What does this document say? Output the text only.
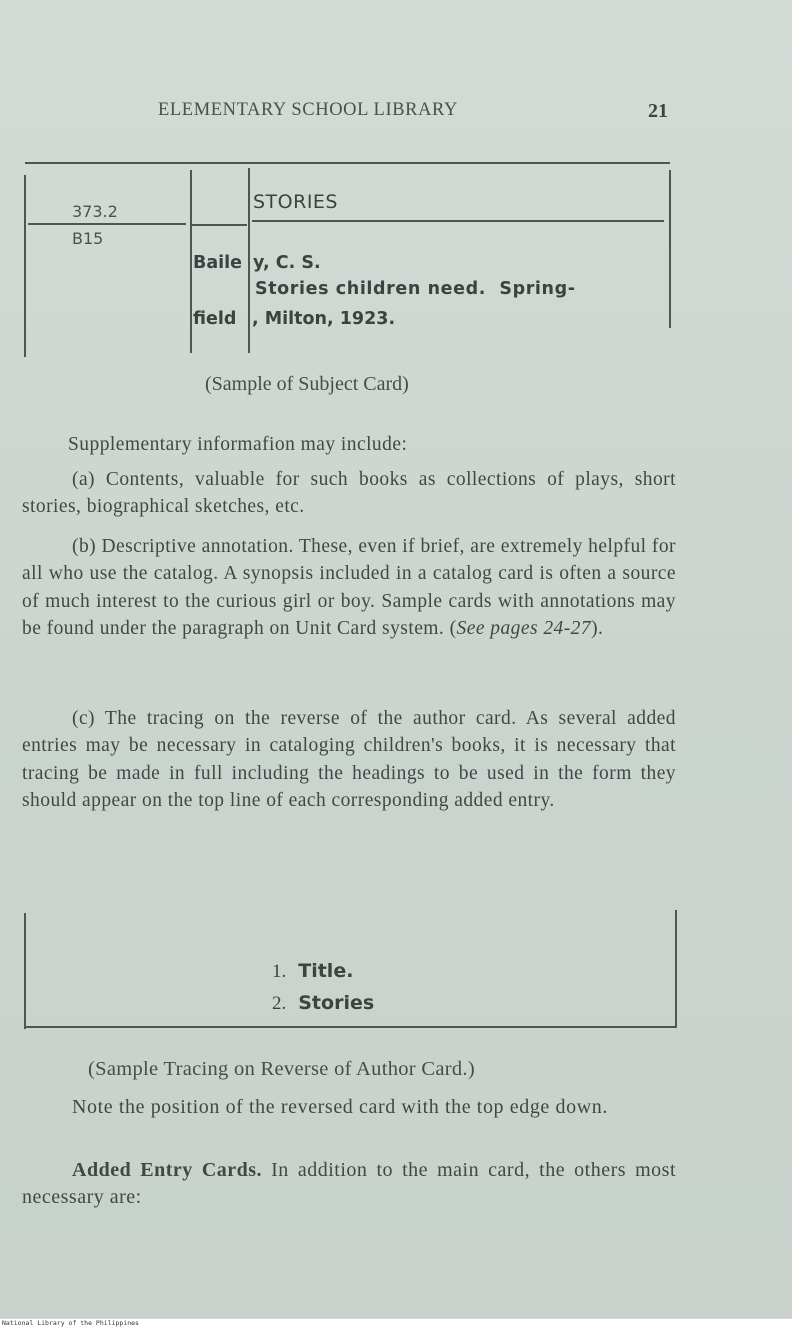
ELEMENTARY SCHOOL LIBRARY	21
373.2
B15
STORIES
Baile y, C. S.
Stories children need.  Spring-
field , Milton, 1923.
(Sample of Subject Card)
Supplementary informafion may include:
(a) Contents, valuable for such books as collections of plays, short stories, biographical sketches, etc.
(b) Descriptive annotation. These, even if brief, are extremely helpful for all who use the catalog. A synopsis included in a catalog card is often a source of much interest to the curious girl or boy. Sample cards with annotations may be found under the paragraph on Unit Card system. (See pages 24-27).
(c) The tracing on the reverse of the author card. As several added entries may be necessary in cataloging children's books, it is necessary that tracing be made in full including the headings to be used in the form they should appear on the top line of each corresponding added entry.
1. Title.
2. Stories
(Sample Tracing on Reverse of Author Card.)
Note the position of the reversed card with the top edge down.
Added Entry Cards. In addition to the main card, the others most necessary are:
National Library of the Philippines
